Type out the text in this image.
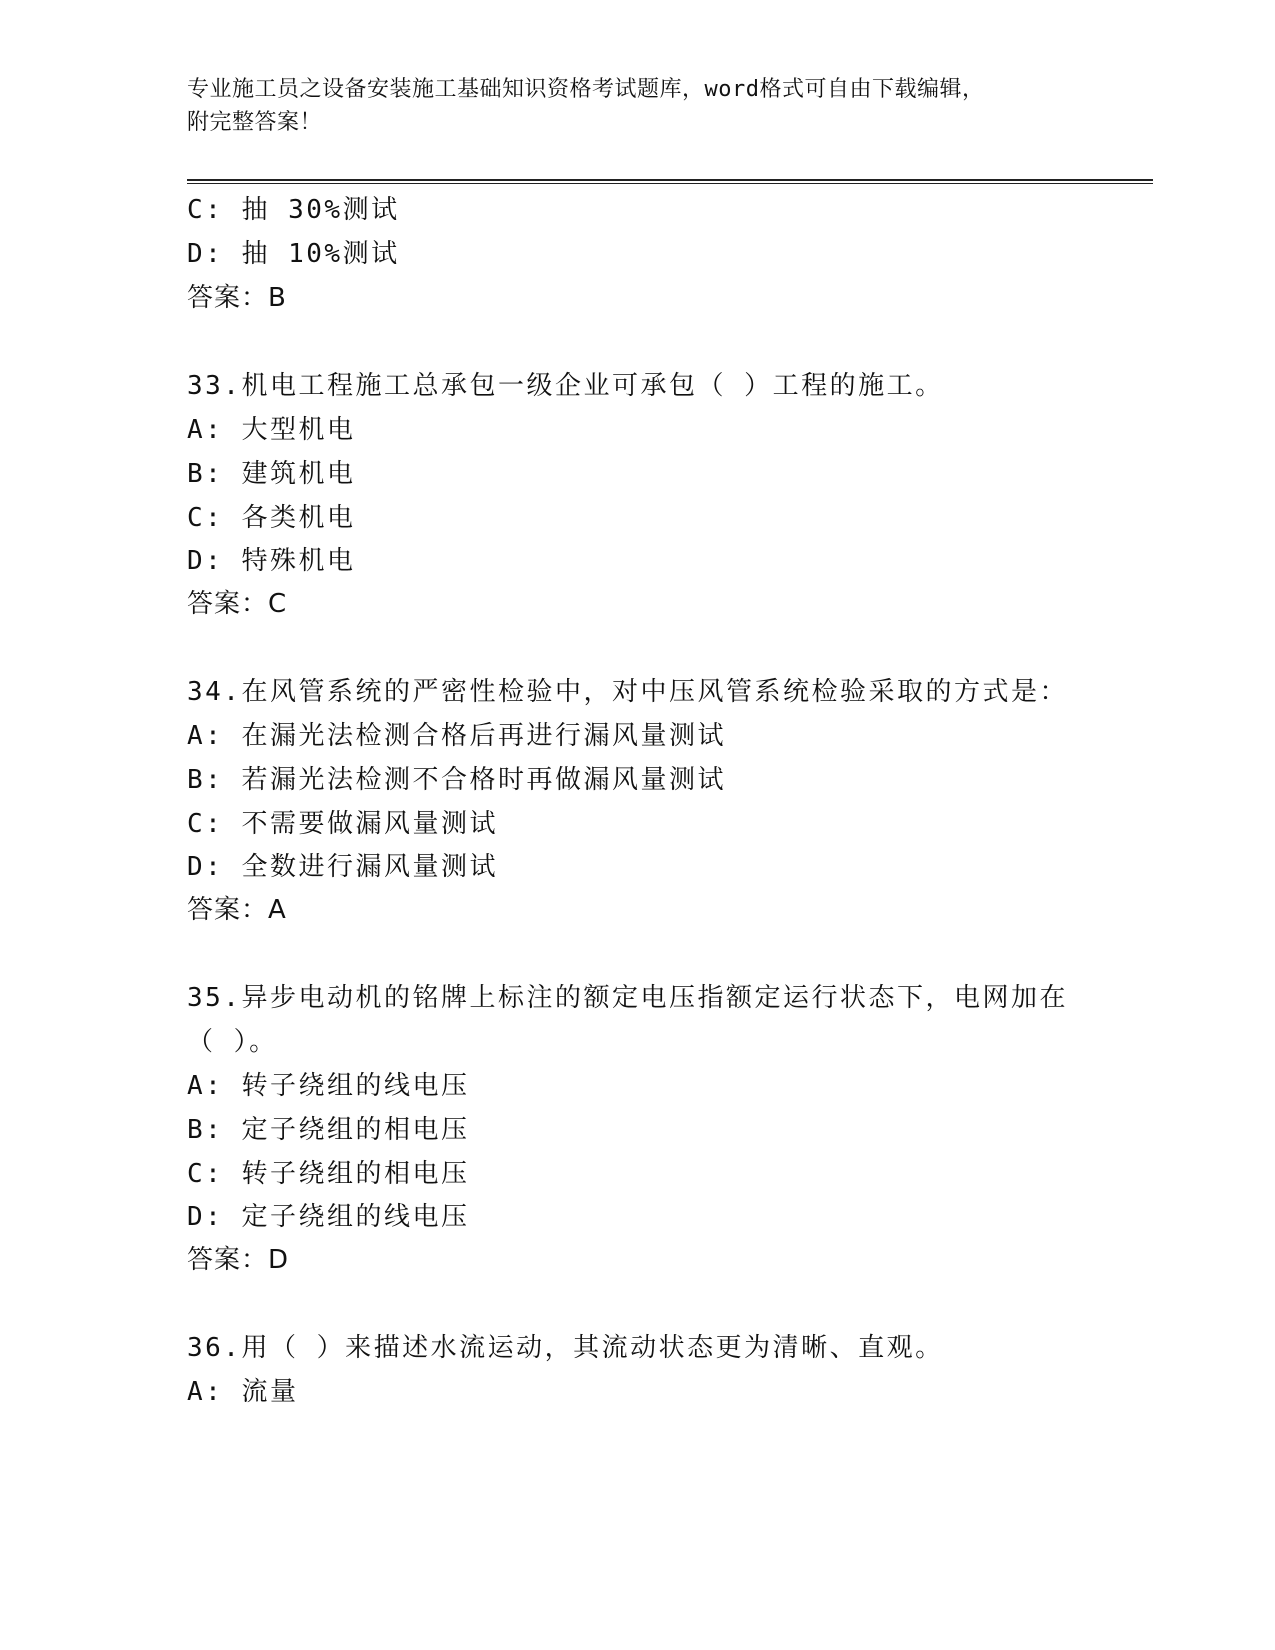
专业施工员之设备安装施工基础知识资格考试题库，word格式可自由下载编辑，
附完整答案！
C: 抽 30%测试
D: 抽 10%测试
答案：B
33.机电工程施工总承包一级企业可承包（ ）工程的施工。
A: 大型机电
B: 建筑机电
C: 各类机电
D: 特殊机电
答案：C
34.在风管系统的严密性检验中，对中压风管系统检验采取的方式是：
A: 在漏光法检测合格后再进行漏风量测试
B: 若漏光法检测不合格时再做漏风量测试
C: 不需要做漏风量测试
D: 全数进行漏风量测试
答案：A
35.异步电动机的铭牌上标注的额定电压指额定运行状态下，电网加在
（ ）。
A: 转子绕组的线电压
B: 定子绕组的相电压
C: 转子绕组的相电压
D: 定子绕组的线电压
答案：D
36.用（ ）来描述水流运动，其流动状态更为清晰、直观。
A: 流量
